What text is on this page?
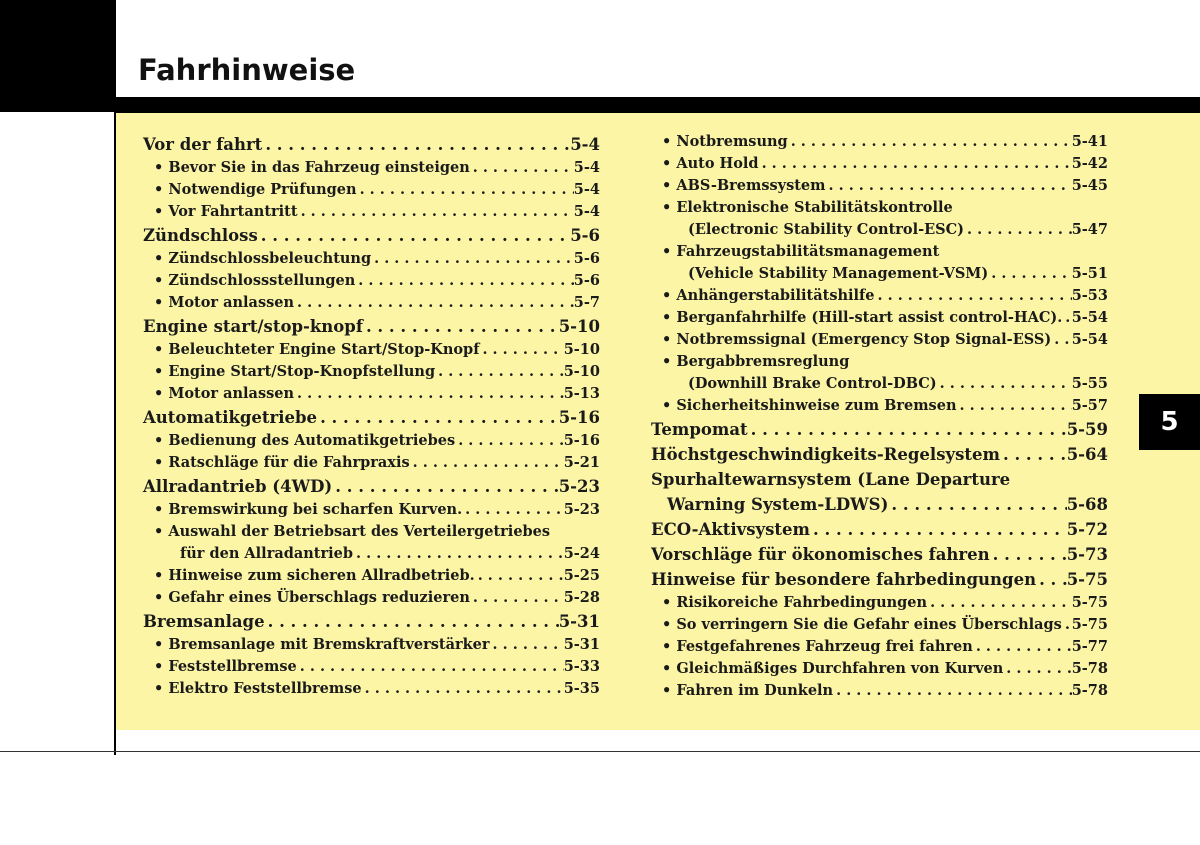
Fahrhinweise
Vor der fahrt . . .	5-4
• Bevor Sie in das Fahrzeug einsteigen . . .	5-4
• Notwendige Prüfungen . . .	5-4
• Vor Fahrtantritt . . .	5-4
Zündschloss . . .	5-6
• Zündschlossbeleuchtung . . .	5-6
• Zündschlossstellungen . . .	5-6
• Motor anlassen . . .	5-7
Engine start/stop-knopf . . .	5-10
• Beleuchteter Engine Start/Stop-Knopf . . .	5-10
• Engine Start/Stop-Knopfstellung . . .	5-10
• Motor anlassen . . .	5-13
Automatikgetriebe . . .	5-16
• Bedienung des Automatikgetriebes . . .	5-16
• Ratschläge für die Fahrpraxis . . .	5-21
Allradantrieb (4WD) . . .	5-23
• Bremswirkung bei scharfen Kurven. . . .	5-23
• Auswahl der Betriebsart des Verteilergetriebes
für den Allradantrieb . . .	5-24
• Hinweise zum sicheren Allradbetrieb. . . .	5-25
• Gefahr eines Überschlags reduzieren . . .	5-28
Bremsanlage . . .	5-31
• Bremsanlage mit Bremskraftverstärker . . .	5-31
• Feststellbremse . . .	5-33
• Elektro Feststellbremse . . .	5-35
• Notbremsung . . .	5-41
• Auto Hold . . .	5-42
• ABS-Bremssystem . . .	5-45
• Elektronische Stabilitätskontrolle
(Electronic Stability Control-ESC) . . .	5-47
• Fahrzeugstabilitätsmanagement
(Vehicle Stability Management-VSM) . . .	5-51
• Anhängerstabilitätshilfe . . .	5-53
• Berganfahrhilfe (Hill-start assist control-HAC). . . . 5-54
• Notbremssignal (Emergency Stop Signal-ESS) . . . 5-54
• Bergabbremsreglung
(Downhill Brake Control-DBC) . . .	5-55
• Sicherheitshinweise zum Bremsen . . .	5-57
Tempomat . . .	5-59
Höchstgeschwindigkeits-Regelsystem . . .	5-64
Spurhaltewarnsystem (Lane Departure
Warning System-LDWS) . . .	5-68
ECO-Aktivsystem . . .	5-72
Vorschläge für ökonomisches fahren . . .	5-73
Hinweise für besondere fahrbedingungen . . . 5-75
• Risikoreiche Fahrbedingungen . . .	5-75
• So verringern Sie die Gefahr eines Überschlags . . . 5-75
• Festgefahrenes Fahrzeug frei fahren . . .	5-77
• Gleichmäßiges Durchfahren von Kurven . . .	5-78
• Fahren im Dunkeln . . .	5-78
5
